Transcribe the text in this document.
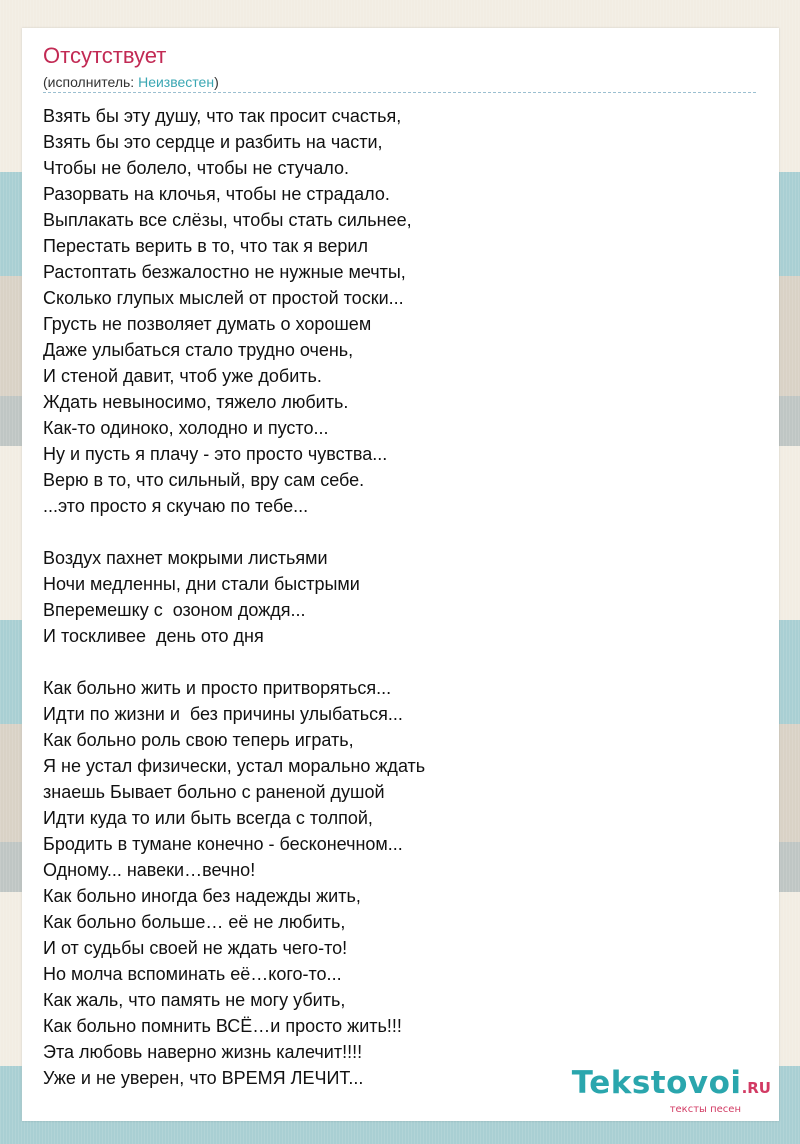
Отсутствует
(исполнитель: Неизвестен)
Взять бы эту душу, что так просит счастья,
Взять бы это сердце и разбить на части,
Чтобы не болело, чтобы не стучало.
Разорвать на клочья, чтобы не страдало.
Выплакать все слёзы, чтобы стать сильнее,
Перестать верить в то, что так я верил
Растоптать безжалостно не нужные мечты,
Сколько глупых мыслей от простой тоски...
Грусть не позволяет думать о хорошем
Даже улыбаться стало трудно очень,
И стеной давит, чтоб уже добить.
Ждать невыносимо, тяжело любить.
Как-то одиноко, холодно и пусто...
Ну и пусть я плачу - это просто чувства...
Верю в то, что сильный, вру сам себе.
...это просто я скучаю по тебе...
Воздух пахнет мокрыми листьями
Ночи медленны, дни стали быстрыми
Вперемешку с  озоном дождя...
И тоскливее  день ото дня
Как больно жить и просто притворяться...
Идти по жизни и  без причины улыбаться...
Как больно роль свою теперь играть,
Я не устал физически, устал морально ждать
знаешь Бывает больно с раненой душой
Идти куда то или быть всегда с толпой,
Бродить в тумане конечно - бесконечном...
Одному... навеки…вечно!
Как больно иногда без надежды жить,
Как больно больше… её не любить,
И от судьбы своей не ждать чего-то!
Но молча вспоминать её…кого-то...
Как жаль, что память не могу убить,
Как больно помнить ВСЁ…и просто жить!!!
Эта любовь наверно жизнь калечит!!!!
Уже и не уверен, что ВРЕМЯ ЛЕЧИТ...	Tekstovoi.RU
тексты песен
